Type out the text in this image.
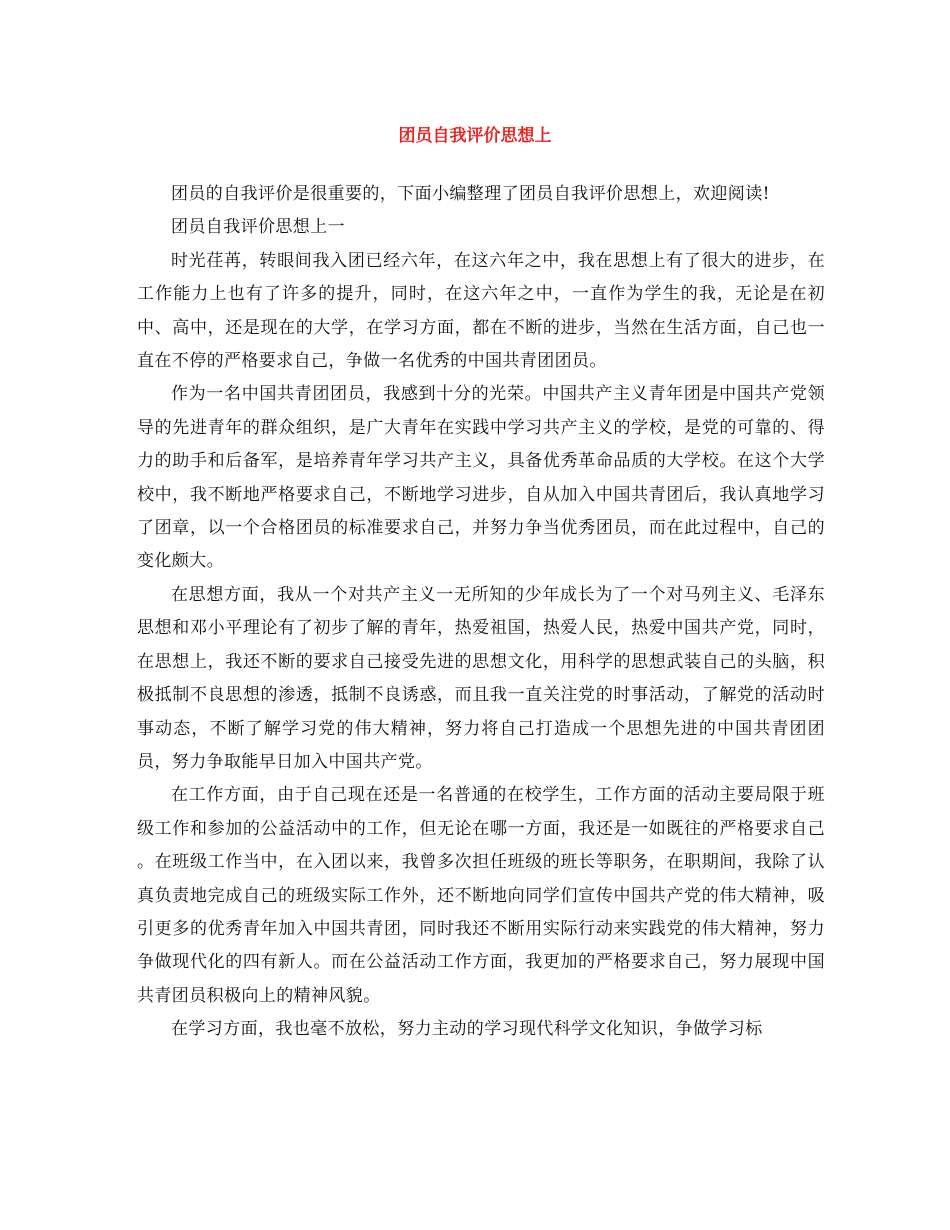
团员自我评价思想上

团员的自我评价是很重要的，下面小编整理了团员自我评价思想上，欢迎阅读!

团员自我评价思想上一

时光荏苒，转眼间我入团已经六年，在这六年之中，我在思想上有了很大的进步，在工作能力上也有了许多的提升，同时，在这六年之中，一直作为学生的我，无论是在初中、高中，还是现在的大学，在学习方面，都在不断的进步，当然在生活方面，自己也一直在不停的严格要求自己，争做一名优秀的中国共青团团员。

作为一名中国共青团团员，我感到十分的光荣。中国共产主义青年团是中国共产党领导的先进青年的群众组织，是广大青年在实践中学习共产主义的学校，是党的可靠的、得力的助手和后备军，是培养青年学习共产主义，具备优秀革命品质的大学校。在这个大学校中，我不断地严格要求自己，不断地学习进步，自从加入中国共青团后，我认真地学习了团章，以一个合格团员的标准要求自己，并努力争当优秀团员，而在此过程中，自己的变化颇大。

在思想方面，我从一个对共产主义一无所知的少年成长为了一个对马列主义、毛泽东思想和邓小平理论有了初步了解的青年，热爱祖国，热爱人民，热爱中国共产党，同时，在思想上，我还不断的要求自己接受先进的思想文化，用科学的思想武装自己的头脑，积极抵制不良思想的渗透，抵制不良诱惑，而且我一直关注党的时事活动，了解党的活动时事动态，不断了解学习党的伟大精神，努力将自己打造成一个思想先进的中国共青团团员，努力争取能早日加入中国共产党。

在工作方面，由于自己现在还是一名普通的在校学生，工作方面的活动主要局限于班级工作和参加的公益活动中的工作，但无论在哪一方面，我还是一如既往的严格要求自己 。在班级工作当中，在入团以来，我曾多次担任班级的班长等职务，在职期间，我除了认真负责地完成自己的班级实际工作外，还不断地向同学们宣传中国共产党的伟大精神，吸引更多的优秀青年加入中国共青团，同时我还不断用实际行动来实践党的伟大精神，努力争做现代化的四有新人。而在公益活动工作方面，我更加的严格要求自己，努力展现中国共青团员积极向上的精神风貌。

在学习方面，我也毫不放松，努力主动的学习现代科学文化知识，争做学习标
